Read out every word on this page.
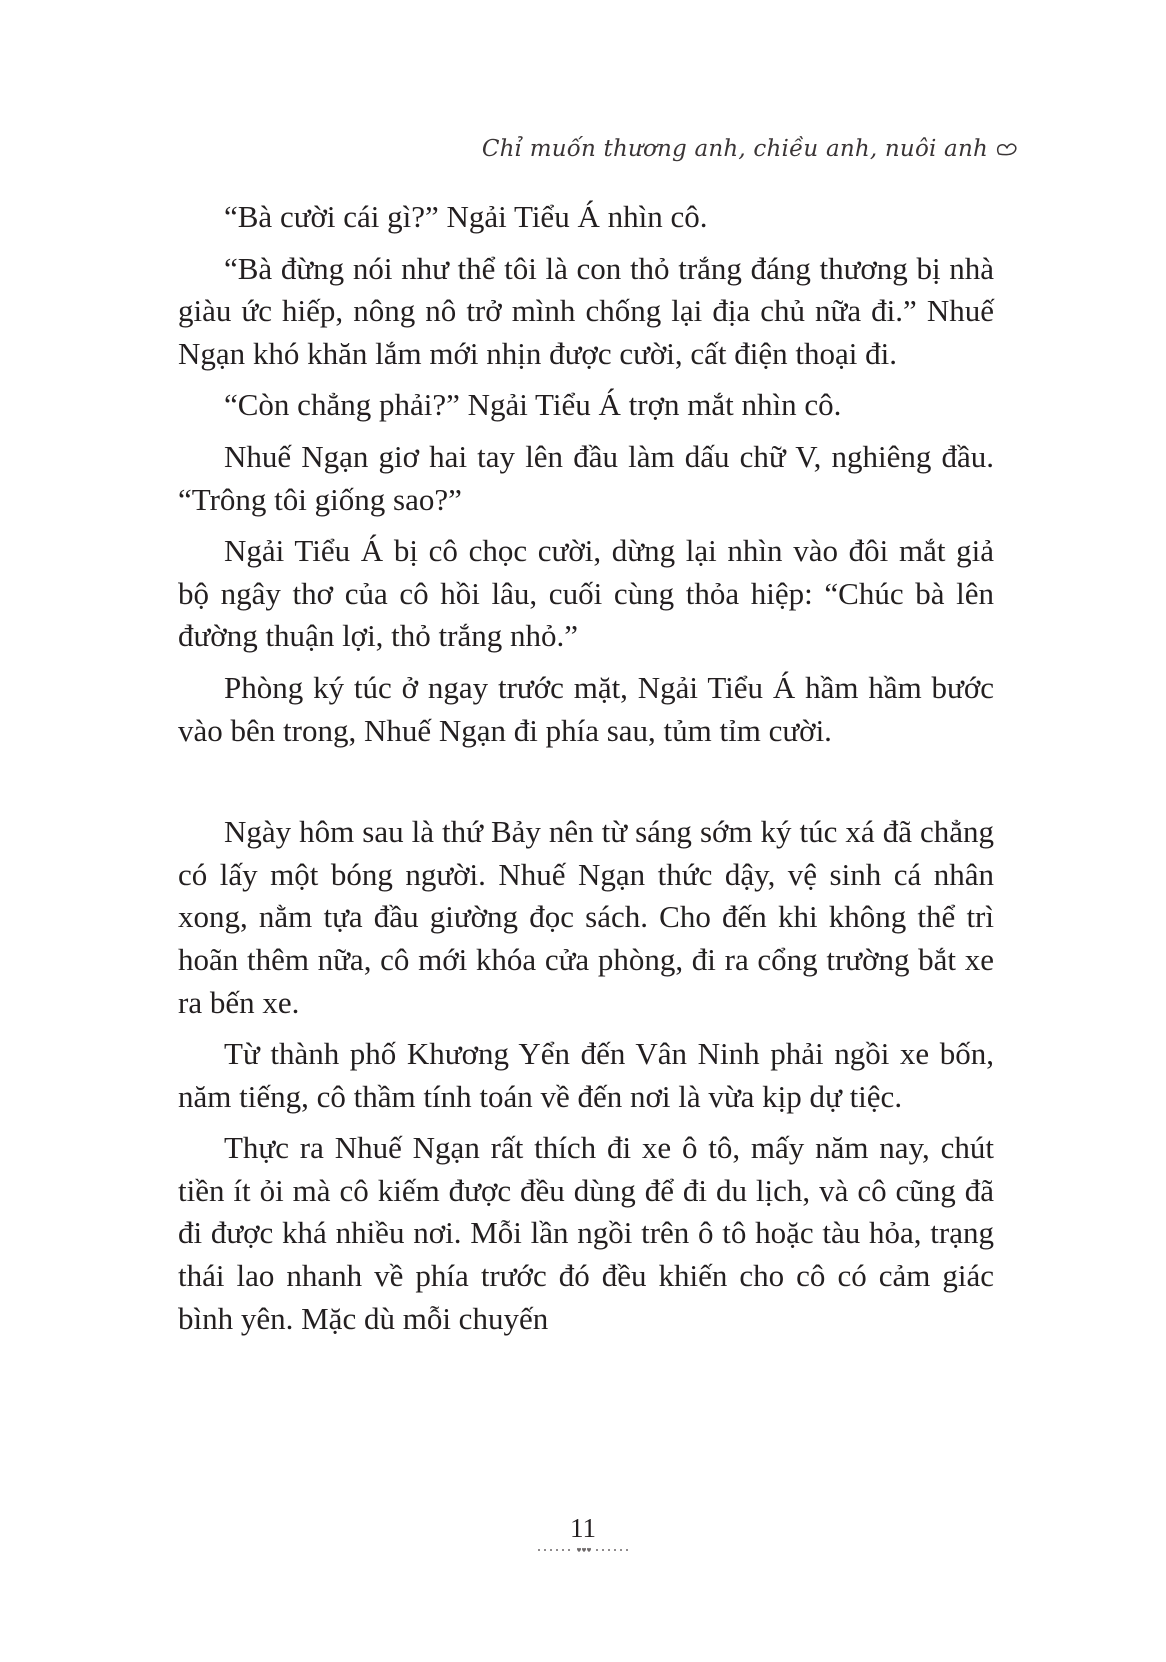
Chỉ muốn thương anh, chiều anh, nuôi anh

“Bà cười cái gì?” Ngải Tiểu Á nhìn cô.

“Bà đừng nói như thể tôi là con thỏ trắng đáng thương bị nhà giàu ức hiếp, nông nô trở mình chống lại địa chủ nữa đi.” Nhuế Ngạn khó khăn lắm mới nhịn được cười, cất điện thoại đi.

“Còn chẳng phải?” Ngải Tiểu Á trợn mắt nhìn cô.

Nhuế Ngạn giơ hai tay lên đầu làm dấu chữ V, nghiêng đầu. “Trông tôi giống sao?”

Ngải Tiểu Á bị cô chọc cười, dừng lại nhìn vào đôi mắt giả bộ ngây thơ của cô hồi lâu, cuối cùng thỏa hiệp: “Chúc bà lên đường thuận lợi, thỏ trắng nhỏ.”

Phòng ký túc ở ngay trước mặt, Ngải Tiểu Á hầm hầm bước vào bên trong, Nhuế Ngạn đi phía sau, tủm tỉm cười.

Ngày hôm sau là thứ Bảy nên từ sáng sớm ký túc xá đã chẳng có lấy một bóng người. Nhuế Ngạn thức dậy, vệ sinh cá nhân xong, nằm tựa đầu giường đọc sách. Cho đến khi không thể trì hoãn thêm nữa, cô mới khóa cửa phòng, đi ra cổng trường bắt xe ra bến xe.

Từ thành phố Khương Yển đến Vân Ninh phải ngồi xe bốn, năm tiếng, cô thầm tính toán về đến nơi là vừa kịp dự tiệc.

Thực ra Nhuế Ngạn rất thích đi xe ô tô, mấy năm nay, chút tiền ít ỏi mà cô kiếm được đều dùng để đi du lịch, và cô cũng đã đi được khá nhiều nơi. Mỗi lần ngồi trên ô tô hoặc tàu hỏa, trạng thái lao nhanh về phía trước đó đều khiến cho cô có cảm giác bình yên. Mặc dù mỗi chuyến

11
